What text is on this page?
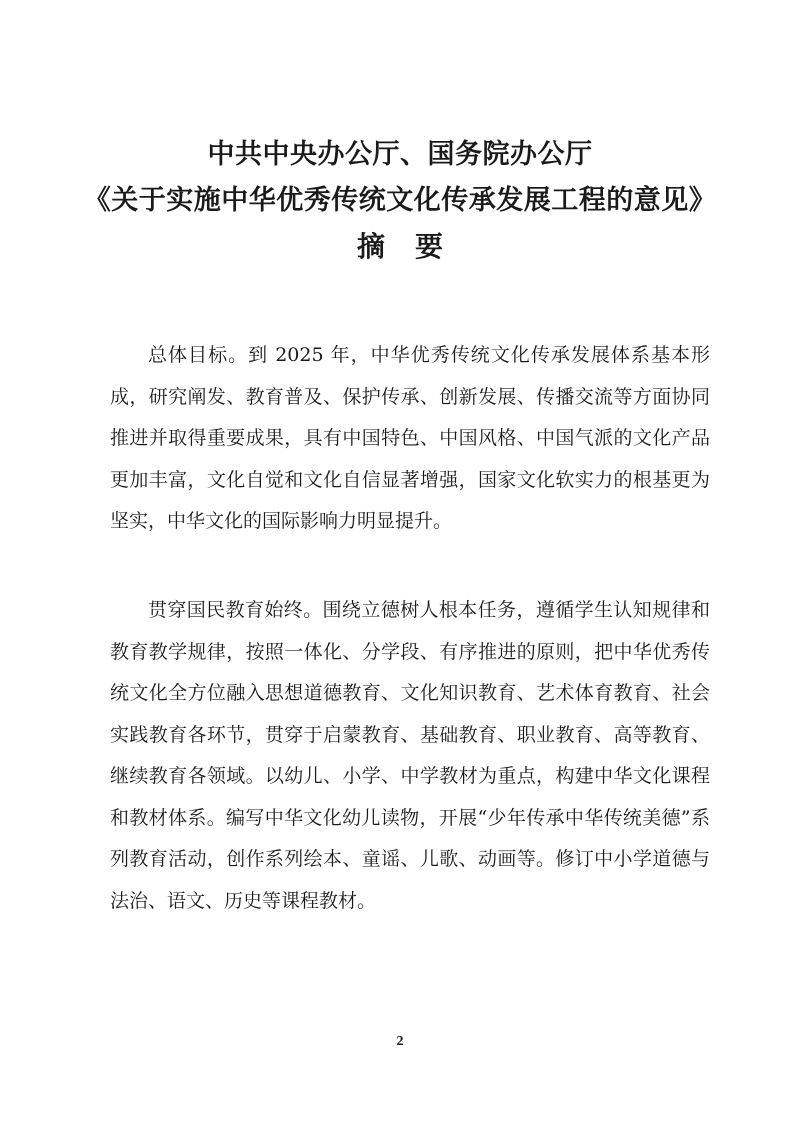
中共中央办公厅、国务院办公厅
《关于实施中华优秀传统文化传承发展工程的意见》
摘要

总体目标。到 2025 年，中华优秀传统文化传承发展体系基本形成，研究阐发、教育普及、保护传承、创新发展、传播交流等方面协同推进并取得重要成果，具有中国特色、中国风格、中国气派的文化产品更加丰富，文化自觉和文化自信显著增强，国家文化软实力的根基更为坚实，中华文化的国际影响力明显提升。

贯穿国民教育始终。围绕立德树人根本任务，遵循学生认知规律和教育教学规律，按照一体化、分学段、有序推进的原则，把中华优秀传统文化全方位融入思想道德教育、文化知识教育、艺术体育教育、社会实践教育各环节，贯穿于启蒙教育、基础教育、职业教育、高等教育、继续教育各领域。以幼儿、小学、中学教材为重点，构建中华文化课程和教材体系。编写中华文化幼儿读物，开展“少年传承中华传统美德”系列教育活动，创作系列绘本、童谣、儿歌、动画等。修订中小学道德与法治、语文、历史等课程教材。

2
